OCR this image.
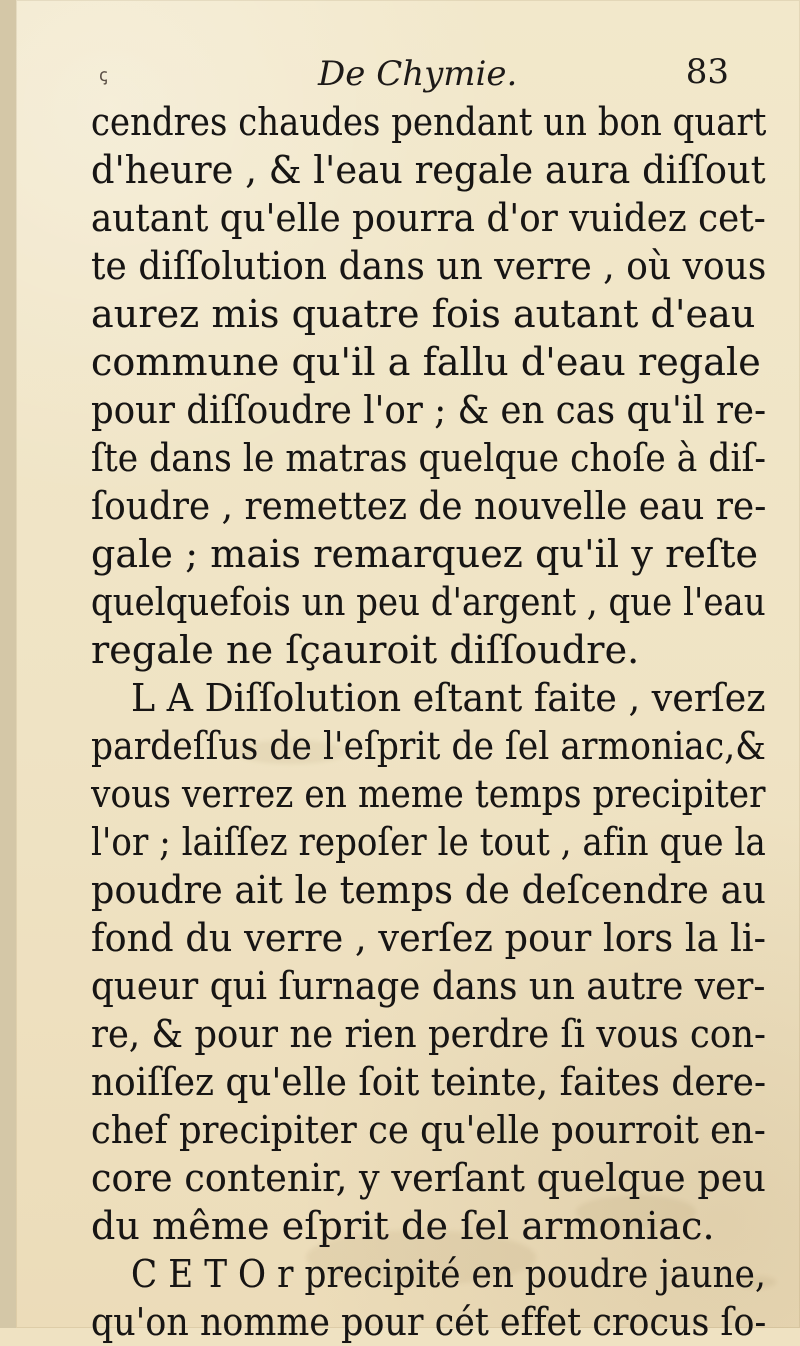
ꞔ	De Chymie.	83
cendres chaudes pendant un bon quart
d'heure , & l'eau regale aura diſſout
autant qu'elle pourra d'or vuidez cet-
te diſſolution dans un verre , où vous
aurez mis quatre fois autant d'eau
commune qu'il a fallu d'eau regale
pour diſſoudre l'or ; & en cas qu'il re-
ſte dans le matras quelque choſe à diſ-
ſoudre , remettez de nouvelle eau re-
gale ; mais remarquez qu'il y reſte
quelquefois un peu d'argent , que l'eau
regale ne ſçauroit diſſoudre.
L A Diſſolution eſtant faite , verſez
pardeſſus de l'eſprit de ſel armoniac,&
vous verrez en meme temps precipiter
l'or ; laiſſez repoſer le tout , afin que la
poudre ait le temps de deſcendre au
fond du verre , verſez pour lors la li-
queur qui ſurnage dans un autre ver-
re, & pour ne rien perdre ſi vous con-
noiſſez qu'elle ſoit teinte, faites dere-
chef precipiter ce qu'elle pourroit en-
core contenir, y verſant quelque peu
du même eſprit de ſel armoniac.
C E T O r precipité en poudre jaune,
qu'on nomme pour cét effet crocus ſo-
